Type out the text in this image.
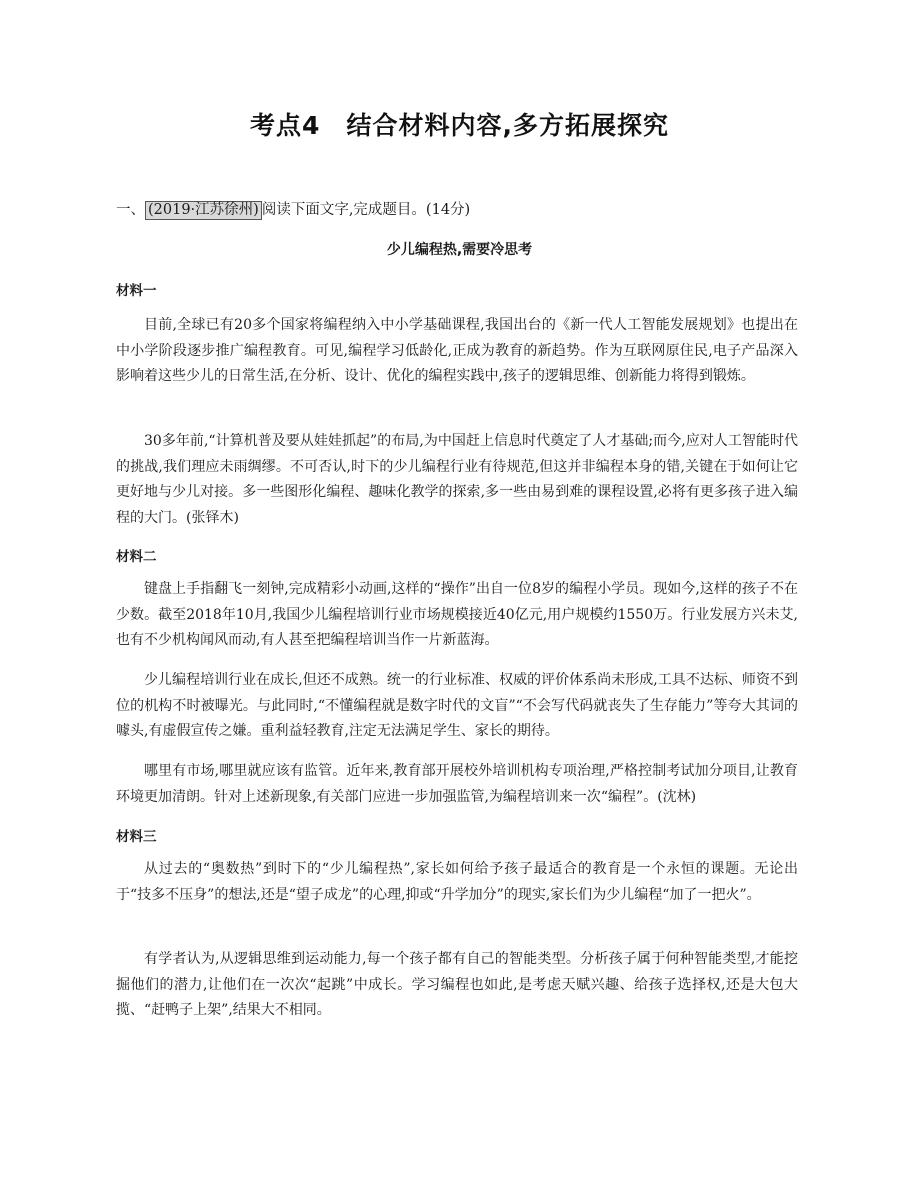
考点4　结合材料内容,多方拓展探究
一、 (2019·江苏徐州) 阅读下面文字,完成题目。(14分)
少儿编程热,需要冷思考
材料一
目前,全球已有20多个国家将编程纳入中小学基础课程,我国出台的《新一代人工智能发展规划》也提出在中小学阶段逐步推广编程教育。可见,编程学习低龄化,正成为教育的新趋势。作为互联网原住民,电子产品深入影响着这些少儿的日常生活,在分析、设计、优化的编程实践中,孩子的逻辑思维、创新能力将得到锻炼。
30多年前,“计算机普及要从娃娃抓起”的布局,为中国赶上信息时代奠定了人才基础;而今,应对人工智能时代的挑战,我们理应未雨绸缪。不可否认,时下的少儿编程行业有待规范,但这并非编程本身的错,关键在于如何让它更好地与少儿对接。多一些图形化编程、趣味化教学的探索,多一些由易到难的课程设置,必将有更多孩子进入编程的大门。(张铎木)
材料二
键盘上手指翻飞一刻钟,完成精彩小动画,这样的“操作”出自一位8岁的编程小学员。现如今,这样的孩子不在少数。截至2018年10月,我国少儿编程培训行业市场规模接近40亿元,用户规模约1550万。行业发展方兴未艾,也有不少机构闻风而动,有人甚至把编程培训当作一片新蓝海。
少儿编程培训行业在成长,但还不成熟。统一的行业标准、权威的评价体系尚未形成,工具不达标、师资不到位的机构不时被曝光。与此同时,“不懂编程就是数字时代的文盲”“不会写代码就丧失了生存能力”等夸大其词的噱头,有虚假宣传之嫌。重利益轻教育,注定无法满足学生、家长的期待。
哪里有市场,哪里就应该有监管。近年来,教育部开展校外培训机构专项治理,严格控制考试加分项目,让教育环境更加清朗。针对上述新现象,有关部门应进一步加强监管,为编程培训来一次“编程”。(沈林)
材料三
从过去的“奥数热”到时下的“少儿编程热”,家长如何给予孩子最适合的教育是一个永恒的课题。无论出于“技多不压身”的想法,还是“望子成龙”的心理,抑或“升学加分”的现实,家长们为少儿编程“加了一把火”。
有学者认为,从逻辑思维到运动能力,每一个孩子都有自己的智能类型。分析孩子属于何种智能类型,才能挖掘他们的潜力,让他们在一次次“起跳”中成长。学习编程也如此,是考虑天赋兴趣、给孩子选择权,还是大包大揽、“赶鸭子上架”,结果大不相同。
